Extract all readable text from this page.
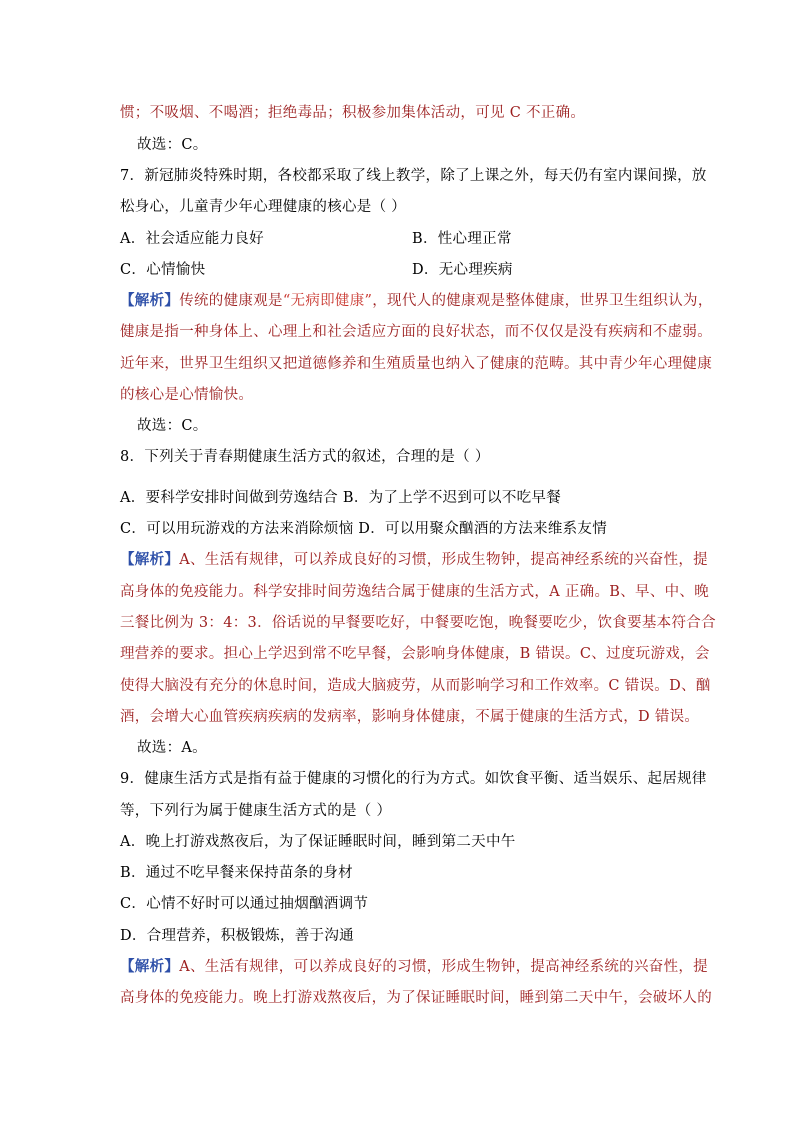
惯；不吸烟、不喝酒；拒绝毒品；积极参加集体活动，可见 C 不正确。
故选：C。
7．新冠肺炎特殊时期，各校都采取了线上教学，除了上课之外，每天仍有室内课间操，放
松身心，儿童青少年心理健康的核心是（ ）
A．社会适应能力良好	B．性心理正常
C．心情愉快	D．无心理疾病
【解析】传统的健康观是“无病即健康”，现代人的健康观是整体健康，世界卫生组织认为，
健康是指一种身体上、心理上和社会适应方面的良好状态，而不仅仅是没有疾病和不虚弱。
近年来，世界卫生组织又把道德修养和生殖质量也纳入了健康的范畴。其中青少年心理健康
的核心是心情愉快。
故选：C。
8．下列关于青春期健康生活方式的叙述，合理的是（ ）
A．要科学安排时间做到劳逸结合 B．为了上学不迟到可以不吃早餐
C．可以用玩游戏的方法来消除烦恼 D．可以用聚众酗酒的方法来维系友情
【解析】A、生活有规律，可以养成良好的习惯，形成生物钟，提高神经系统的兴奋性，提
高身体的免疫能力。科学安排时间劳逸结合属于健康的生活方式，A 正确。B、早、中、晚
三餐比例为 3：4：3．俗话说的早餐要吃好，中餐要吃饱，晚餐要吃少，饮食要基本符合合
理营养的要求。担心上学迟到常不吃早餐，会影响身体健康，B 错误。C、过度玩游戏，会
使得大脑没有充分的休息时间，造成大脑疲劳，从而影响学习和工作效率。C 错误。D、酗
酒，会增大心血管疾病疾病的发病率，影响身体健康，不属于健康的生活方式，D 错误。
故选：A。
9．健康生活方式是指有益于健康的习惯化的行为方式。如饮食平衡、适当娱乐、起居规律
等，下列行为属于健康生活方式的是（ ）
A．晚上打游戏熬夜后，为了保证睡眠时间，睡到第二天中午
B．通过不吃早餐来保持苗条的身材
C．心情不好时可以通过抽烟酗酒调节
D．合理营养，积极锻炼，善于沟通
【解析】A、生活有规律，可以养成良好的习惯，形成生物钟，提高神经系统的兴奋性，提
高身体的免疫能力。晚上打游戏熬夜后，为了保证睡眠时间，睡到第二天中午，会破坏人的
